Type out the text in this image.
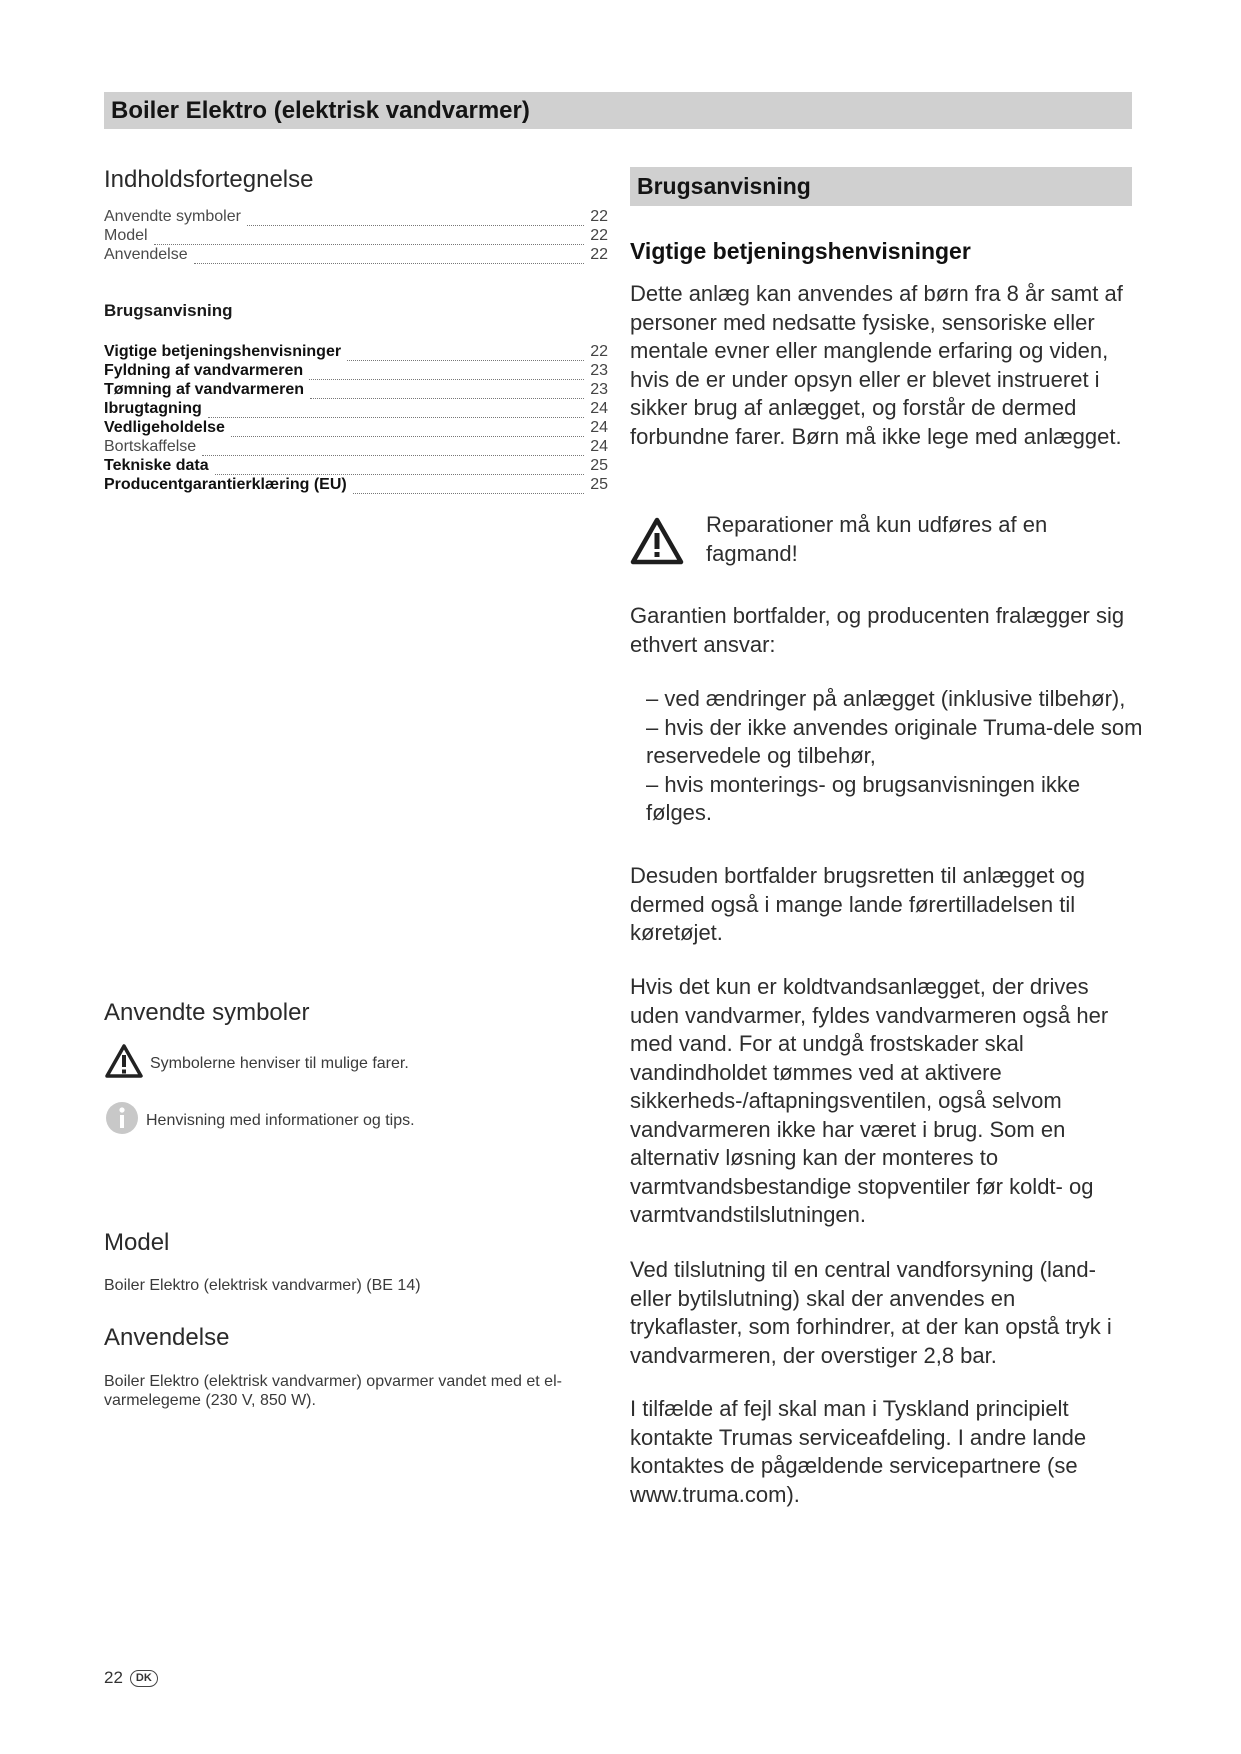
Boiler Elektro (elektrisk vandvarmer)
Indholdsfortegnelse
Anvendte symboler	22
Model	22
Anvendelse	22
Brugsanvisning
Vigtige betjeningshenvisninger	22
Fyldning af vandvarmeren	23
Tømning af vandvarmeren	23
Ibrugtagning	24
Vedligeholdelse	24
Bortskaffelse	24
Tekniske data	25
Producentgarantierklæring (EU)	25
Anvendte symboler
Symbolerne henviser til mulige farer.
Henvisning med informationer og tips.
Model
Boiler Elektro (elektrisk vandvarmer) (BE 14)
Anvendelse
Boiler Elektro (elektrisk vandvarmer) opvarmer vandet med et el-varmelegeme (230 V, 850 W).
Brugsanvisning
Vigtige betjeningshenvisninger
Dette anlæg kan anvendes af børn fra 8 år samt af personer med nedsatte fysiske, sensoriske eller mentale evner eller manglende erfaring og viden, hvis de er under opsyn eller er blevet instrueret i sikker brug af anlægget, og forstår de dermed forbundne farer. Børn må ikke lege med anlægget.
Reparationer må kun udføres af en fagmand!
Garantien bortfalder, og producenten fralægger sig ethvert ansvar:
– ved ændringer på anlægget (inklusive tilbehør),
– hvis der ikke anvendes originale Truma-dele som reservedele og tilbehør,
– hvis monterings- og brugsanvisningen ikke følges.
Desuden bortfalder brugsretten til anlægget og dermed også i mange lande førertilladelsen til køretøjet.
Hvis det kun er koldtvandsanlægget, der drives uden vandvarmer, fyldes vandvarmeren også her med vand. For at undgå frostskader skal vandindholdet tømmes ved at aktivere sikkerheds-/aftapningsventilen, også selvom vandvarmeren ikke har været i brug. Som en alternativ løsning kan der monteres to varmtvandsbestandige stopventiler før koldt- og varmtvandstilslutningen.
Ved tilslutning til en central vandforsyning (land- eller bytilslutning) skal der anvendes en trykaflaster, som forhindrer, at der kan opstå tryk i vandvarmeren, der overstiger 2,8 bar.
I tilfælde af fejl skal man i Tyskland principielt kontakte Trumas serviceafdeling. I andre lande kontaktes de pågældende servicepartnere (se www.truma.com).
22	DK
